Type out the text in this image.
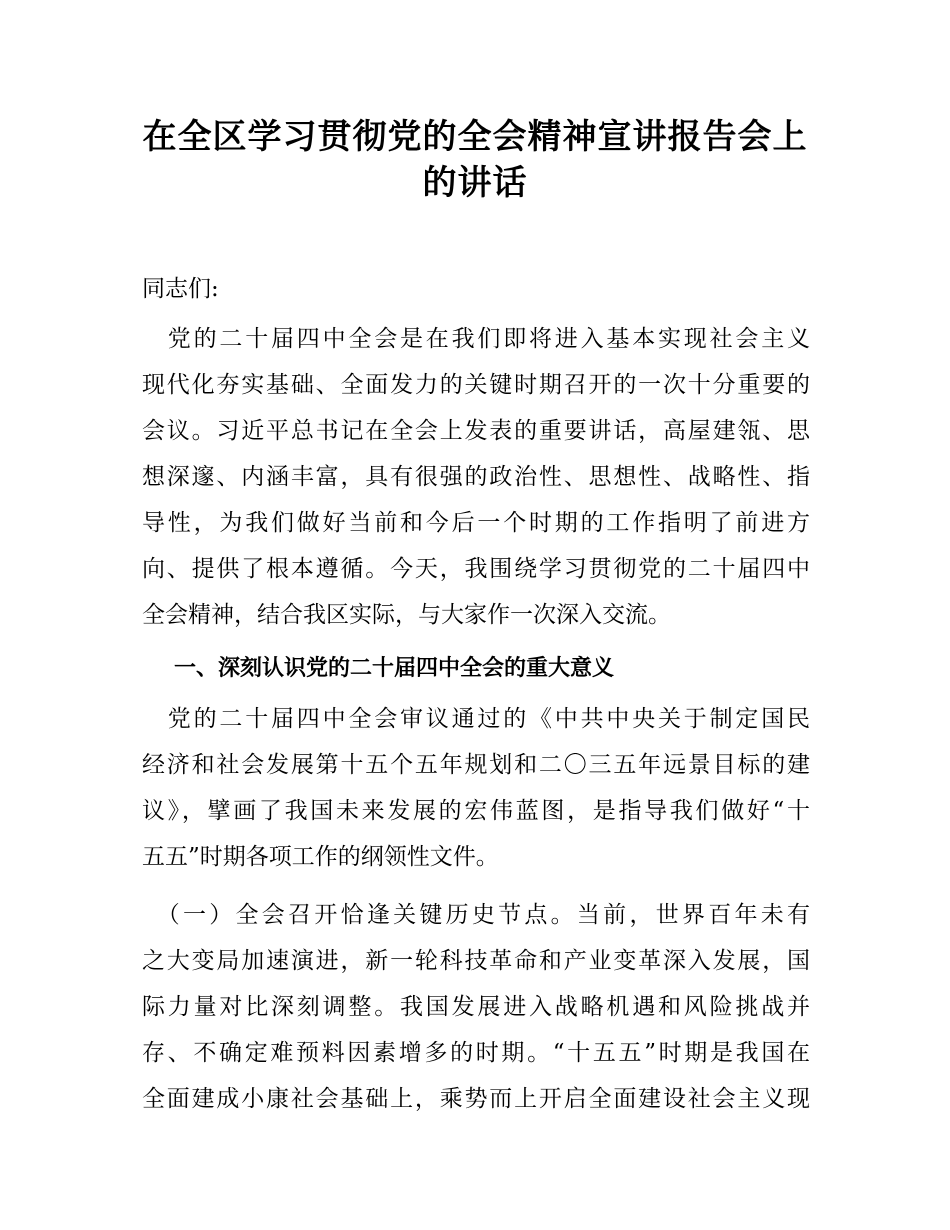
在全区学习贯彻党的全会精神宣讲报告会上
的讲话

同志们:

　党的二十届四中全会是在我们即将进入基本实现社会主义
现代化夯实基础、全面发力的关键时期召开的一次十分重要的
会议。习近平总书记在全会上发表的重要讲话，高屋建瓴、思
想深邃、内涵丰富，具有很强的政治性、思想性、战略性、指
导性，为我们做好当前和今后一个时期的工作指明了前进方
向、提供了根本遵循。今天，我围绕学习贯彻党的二十届四中
全会精神，结合我区实际，与大家作一次深入交流。

一、深刻认识党的二十届四中全会的重大意义

　党的二十届四中全会审议通过的《中共中央关于制定国民
经济和社会发展第十五个五年规划和二〇三五年远景目标的建
议》，擘画了我国未来发展的宏伟蓝图，是指导我们做好“十
五五”时期各项工作的纲领性文件。

　（一）全会召开恰逢关键历史节点。当前，世界百年未有
之大变局加速演进，新一轮科技革命和产业变革深入发展，国
际力量对比深刻调整。我国发展进入战略机遇和风险挑战并
存、不确定难预料因素增多的时期。“十五五”时期是我国在
全面建成小康社会基础上，乘势而上开启全面建设社会主义现
